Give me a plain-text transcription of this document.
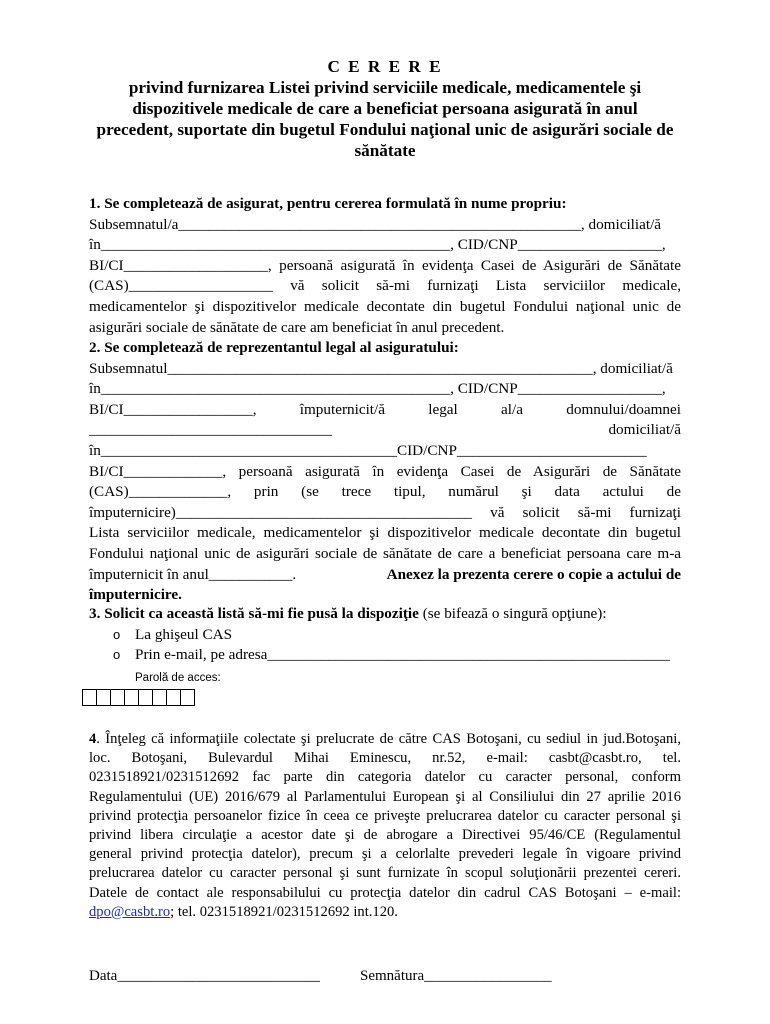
C E R E R E
privind furnizarea Listei privind serviciile medicale, medicamentele şi
dispozitivele medicale de care a beneficiat persoana asigurată în anul
precedent, suportate din bugetul Fondului naţional unic de asigurări sociale de
sănătate
1. Se completează de asigurat, pentru cererea formulată în nume propriu:
Subsemnatul/a_____________________________________________________, domiciliat/ă
în______________________________________________, CID/CNP___________________,
BI/CI___________________, persoană asigurată în evidenţa Casei de Asigurări de Sănătate
(CAS)___________________ vă solicit să-mi furnizaţi Lista serviciilor medicale,
medicamentelor şi dispozitivelor medicale decontate din bugetul Fondului naţional unic de
asigurări sociale de sănătate de care am beneficiat în anul precedent.
2. Se completează de reprezentantul legal al asiguratului:
Subsemnatul________________________________________________________, domiciliat/ă
în______________________________________________, CID/CNP___________________,
BI/CI_________________, împuternicit/ă legal al/a domnului/doamnei
________________________________ domiciliat/ă
în_______________________________________CID/CNP_________________________
BI/CI_____________, persoană asigurată în evidenţa Casei de Asigurări de Sănătate
(CAS)_____________, prin (se trece tipul, numărul şi data actului de
împuternicire)_______________________________________ vă solicit să-mi furnizaţi
Lista serviciilor medicale, medicamentelor şi dispozitivelor medicale decontate din bugetul
Fondului naţional unic de asigurări sociale de sănătate de care a beneficiat persoana care m-a
împuternicit în anul___________.	Anexez la prezenta cerere o copie a actului de
împuternicire.
3. Solicit ca această listă să-mi fie pusă la dispoziţie (se bifează o singură opţiune):
o La ghişeul CAS
o Prin e-mail, pe adresa_____________________________________________________
Parolă de acces:
4. Înţeleg că informaţiile colectate şi prelucrate de către CAS Botoşani, cu sediul in jud.Botoşani,
loc. Botoşani, Bulevardul Mihai Eminescu, nr.52, e-mail: casbt@casbt.ro, tel.
0231518921/0231512692 fac parte din categoria datelor cu caracter personal, conform
Regulamentului (UE) 2016/679 al Parlamentului European şi al Consiliului din 27 aprilie 2016
privind protecţia persoanelor fizice în ceea ce priveşte prelucrarea datelor cu caracter personal şi
privind libera circulaţie a acestor date şi de abrogare a Directivei 95/46/CE (Regulamentul
general privind protecţia datelor), precum şi a celorlalte prevederi legale în vigoare privind
prelucrarea datelor cu caracter personal şi sunt furnizate în scopul soluţionării prezentei cereri.
Datele de contact ale responsabilului cu protecţia datelor din cadrul CAS Botoşani – e-mail:
dpo@casbt.ro; tel. 0231518921/0231512692 int.120.
Data___________________________	Semnătura_________________
